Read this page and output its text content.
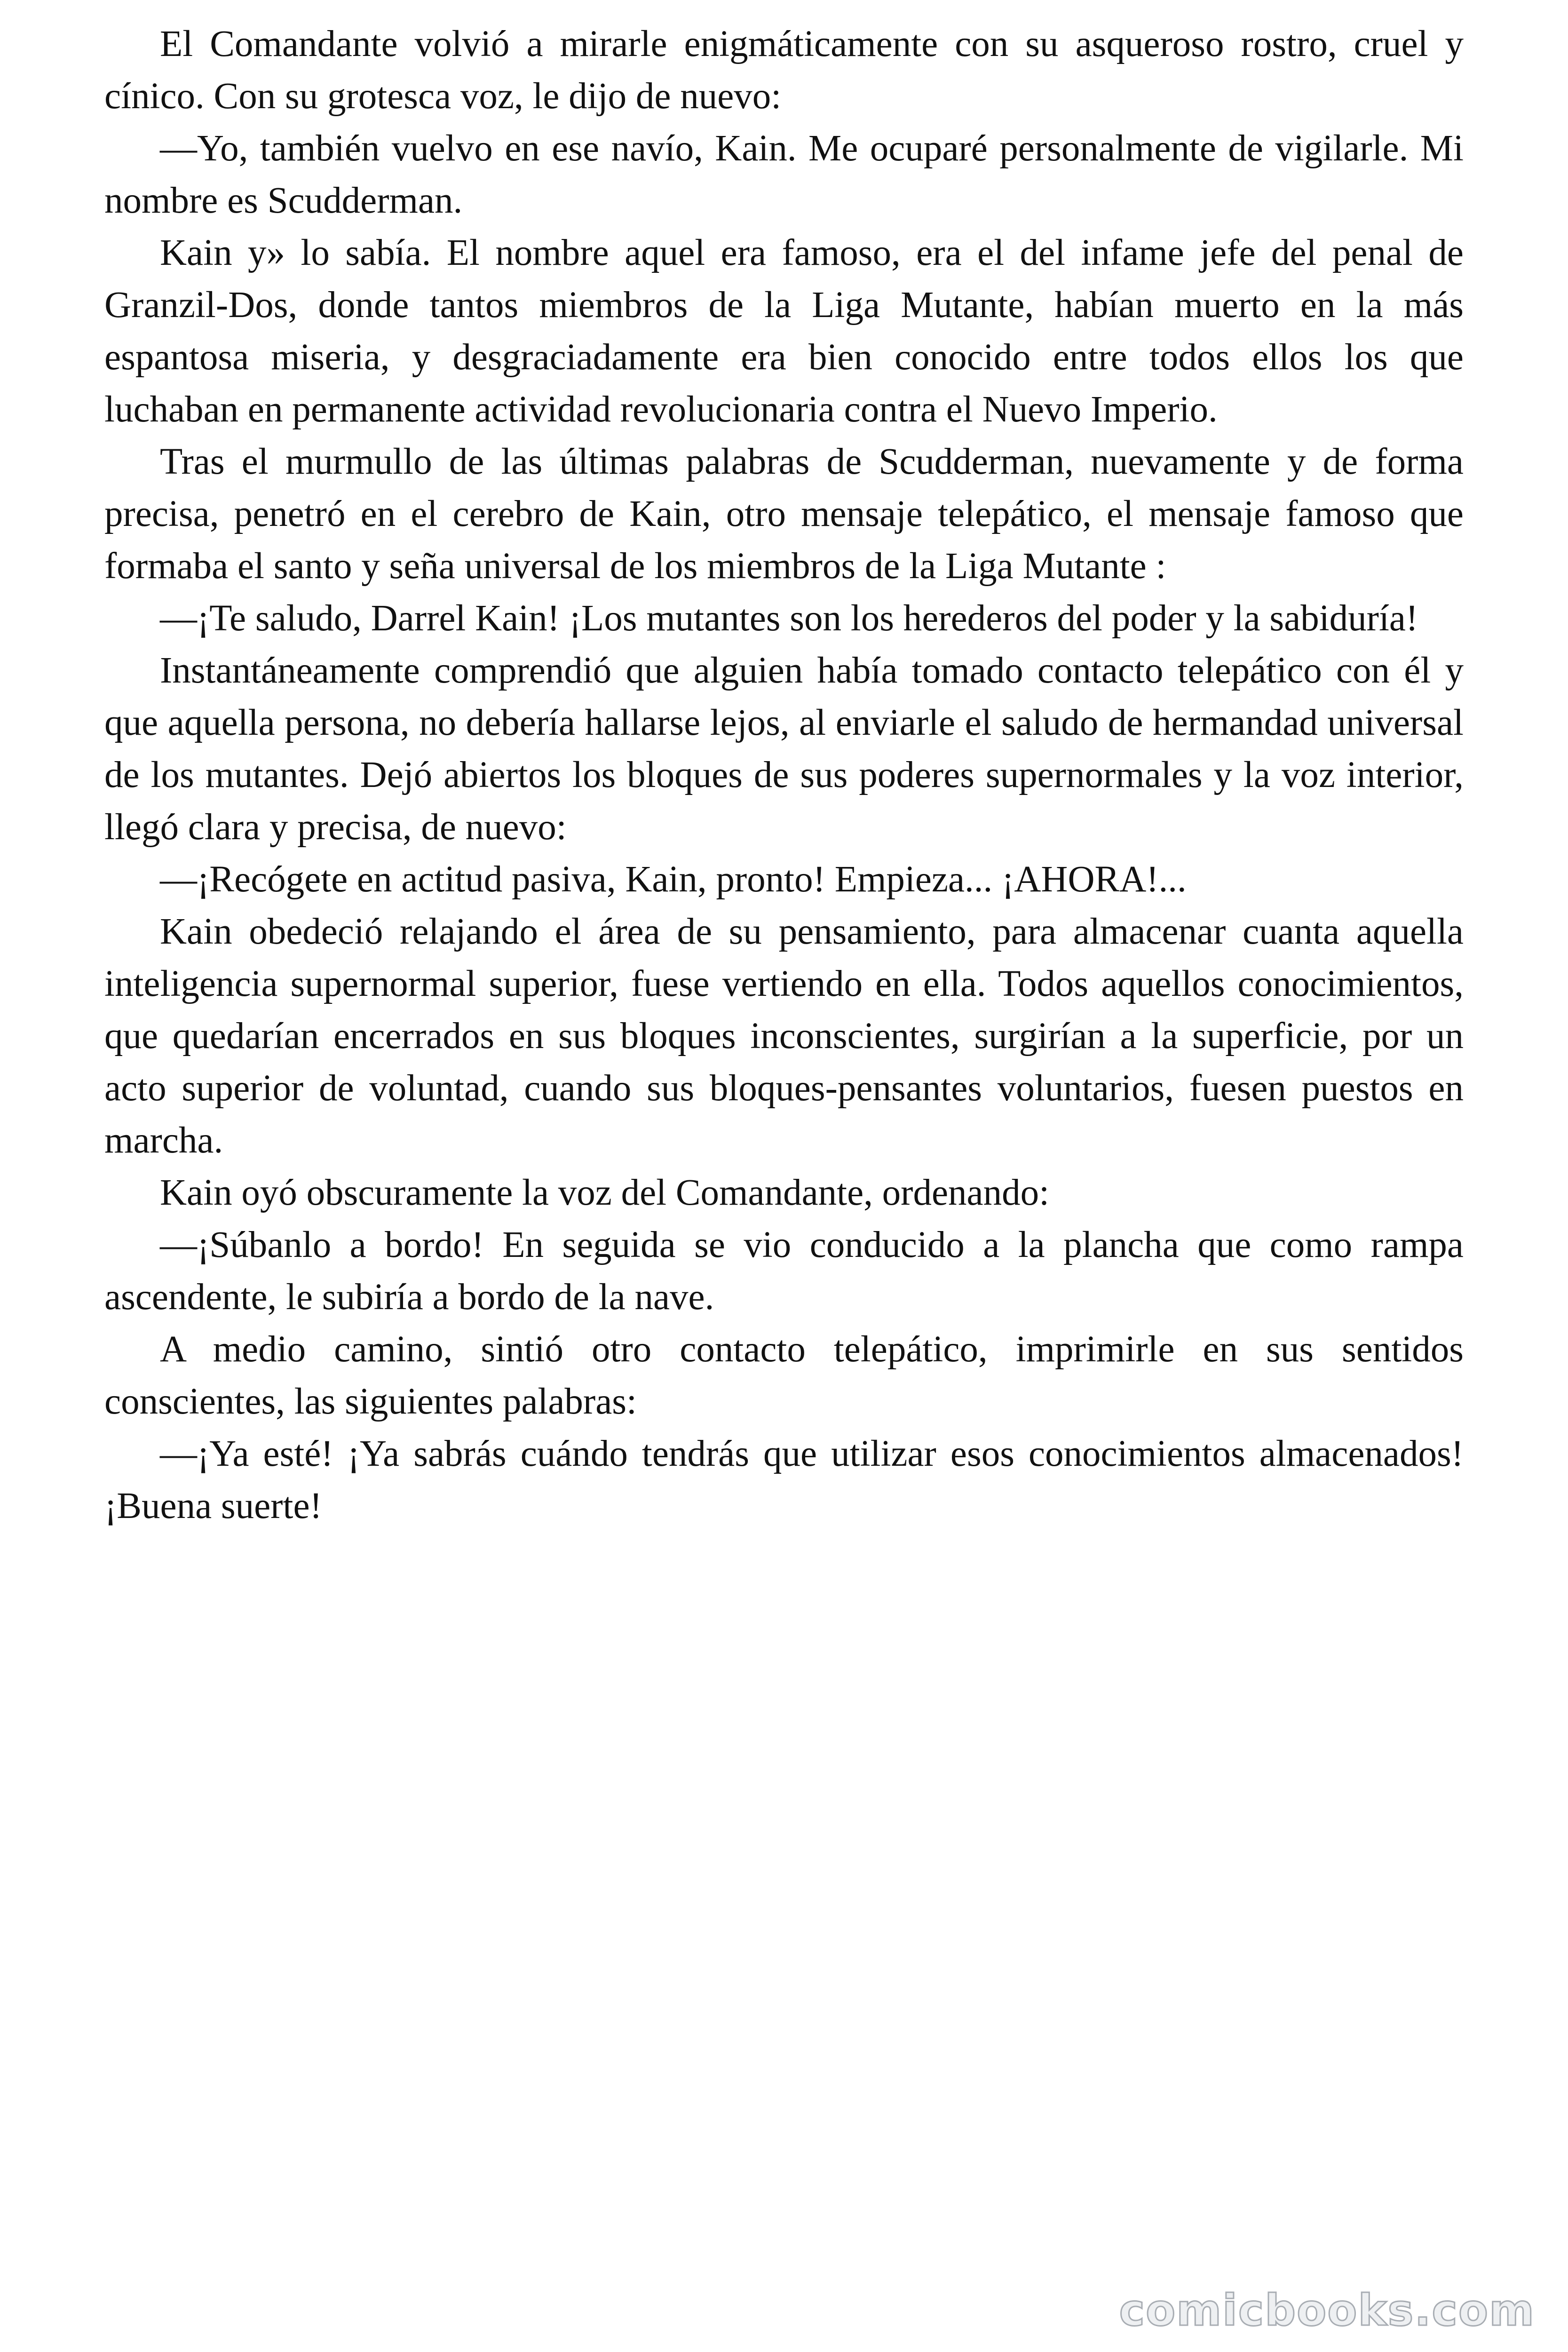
El Comandante volvió a mirarle enigmáticamente con su asqueroso rostro, cruel y cínico. Con su grotesca voz, le dijo de nuevo:

—Yo, también vuelvo en ese navío, Kain. Me ocuparé personalmente de vigilarle. Mi nombre es Scudderman.

Kain y» lo sabía. El nombre aquel era famoso, era el del infame jefe del penal de Granzil-Dos, donde tantos miembros de la Liga Mutante, habían muerto en la más espantosa miseria, y desgraciadamente era bien conocido entre todos ellos los que luchaban en permanente actividad revolucionaria contra el Nuevo Imperio.

Tras el murmullo de las últimas palabras de Scudderman, nuevamente y de forma precisa, penetró en el cerebro de Kain, otro mensaje telepático, el mensaje famoso que formaba el santo y seña universal de los miembros de la Liga Mutante :

—¡Te saludo, Darrel Kain! ¡Los mutantes son los herederos del poder y la sabiduría!

Instantáneamente comprendió que alguien había tomado contacto telepático con él y que aquella persona, no debería hallarse lejos, al enviarle el saludo de hermandad universal de los mutantes. Dejó abiertos los bloques de sus poderes supernormales y la voz interior, llegó clara y precisa, de nuevo:

—¡Recógete en actitud pasiva, Kain, pronto! Empieza... ¡AHORA!...

Kain obedeció relajando el área de su pensamiento, para almacenar cuanta aquella inteligencia supernormal superior, fuese vertiendo en ella. Todos aquellos conocimientos, que quedarían encerrados en sus bloques inconscientes, surgirían a la superficie, por un acto superior de voluntad, cuando sus bloques-pensantes voluntarios, fuesen puestos en marcha.

Kain oyó obscuramente la voz del Comandante, ordenando:

—¡Súbanlo a bordo! En seguida se vio conducido a la plancha que como rampa ascendente, le subiría a bordo de la nave.

A medio camino, sintió otro contacto telepático, imprimirle en sus sentidos conscientes, las siguientes palabras:

—¡Ya esté! ¡Ya sabrás cuándo tendrás que utilizar esos conocimientos almacenados! ¡Buena suerte!

comicbooks.com
